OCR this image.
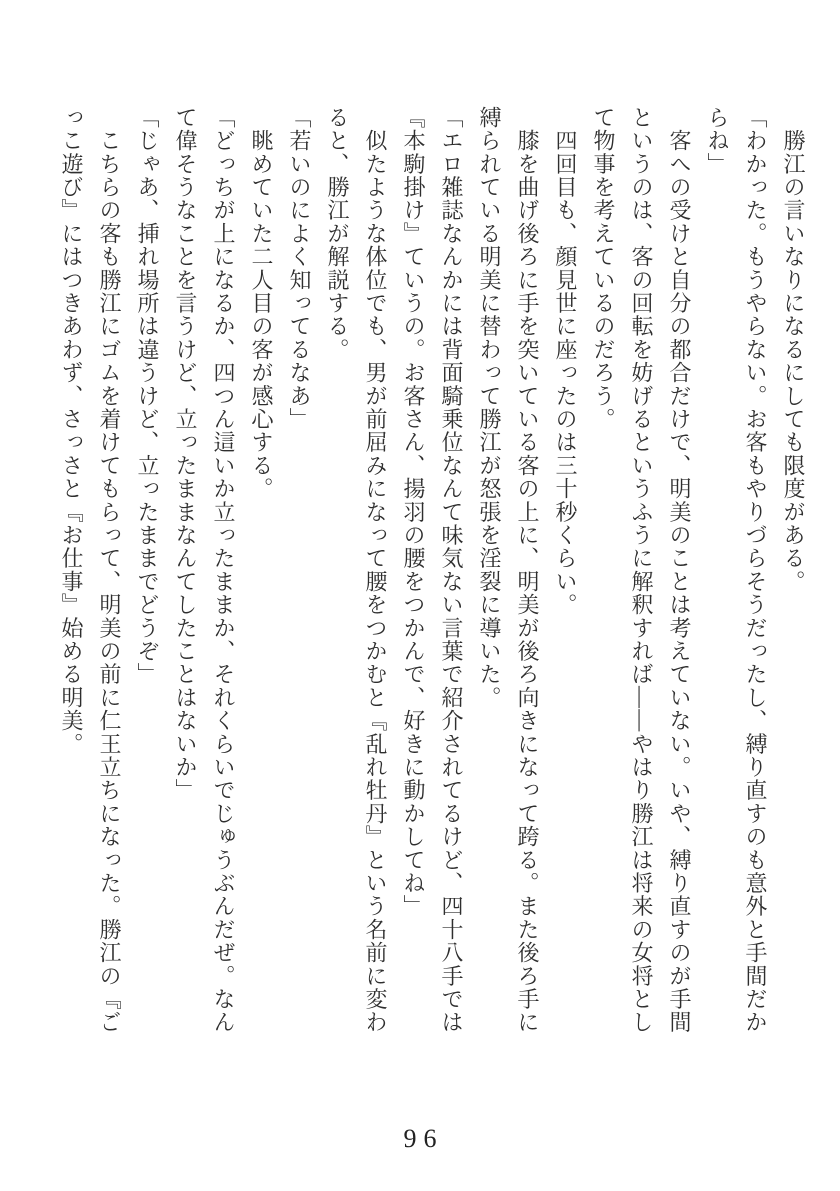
　勝江の言いなりになるにしても限度がある。
「わかった。もうやらない。お客もやりづらそうだったし、縛り直すのも意外と手間だか
らね」
　客への受けと自分の都合だけで、明美のことは考えていない。いや、縛り直すのが手間
というのは、客の回転を妨げるというふうに解釈すれば――やはり勝江は将来の女将とし
て物事を考えているのだろう。
　四回目も、顔見世に座ったのは三十秒くらい。
　膝を曲げ後ろに手を突いている客の上に、明美が後ろ向きになって跨る。また後ろ手に
縛られている明美に替わって勝江が怒張を淫裂に導いた。
「エロ雑誌なんかには背面騎乗位なんて味気ない言葉で紹介されてるけど、四十八手では
『本駒掛け』ていうの。お客さん、揚羽の腰をつかんで、好きに動かしてね」
　似たような体位でも、男が前屈みになって腰をつかむと『乱れ牡丹』という名前に変わ
ると、勝江が解説する。
「若いのによく知ってるなあ」
　眺めていた二人目の客が感心する。
「どっちが上になるか、四つん這いか立ったままか、それくらいでじゅうぶんだぜ。なん
て偉そうなことを言うけど、立ったままなんてしたことはないか」
「じゃあ、挿れ場所は違うけど、立ったままでどうぞ」
　こちらの客も勝江にゴムを着けてもらって、明美の前に仁王立ちになった。勝江の『ご
っこ遊び』にはつきあわず、さっさと『お仕事』始める明美。
96
